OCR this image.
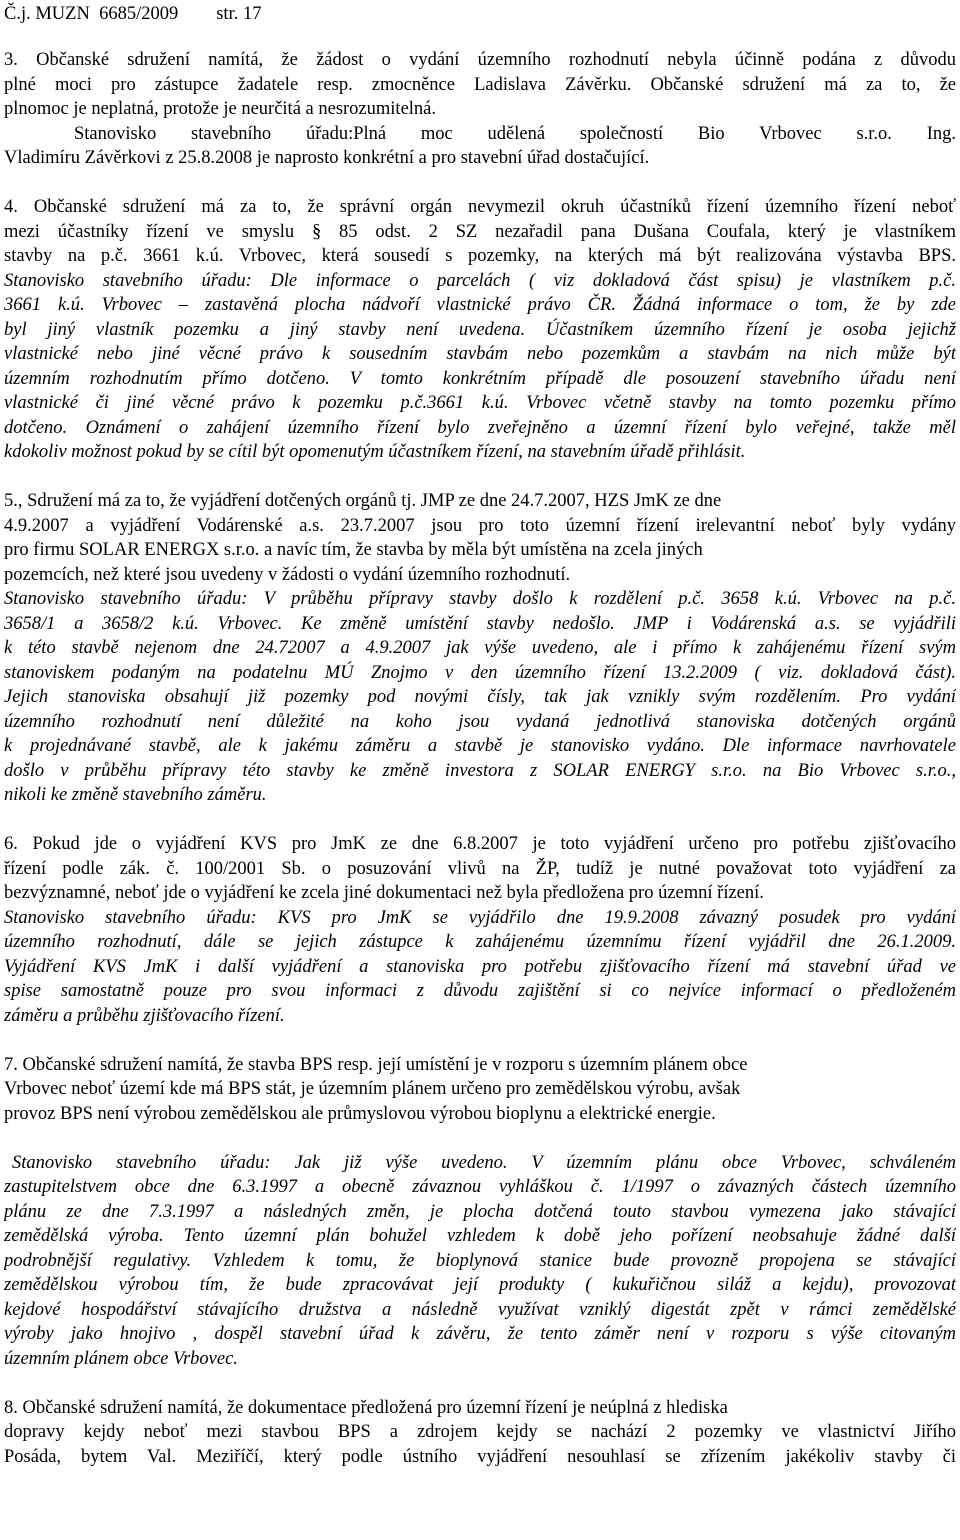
Č.j. MUZN  6685/2009 str. 17
3. Občanské sdružení namítá, že žádost o vydání územního rozhodnutí nebyla účinně podána z důvodu
plné moci pro zástupce žadatele resp. zmocněnce Ladislava Závěrku. Občanské sdružení má za to, že
plnomoc je neplatná, protože je neurčitá a nesrozumitelná.
Stanovisko stavebního úřadu:Plná moc udělená společností Bio Vrbovec s.r.o. Ing.
Vladimíru Závěrkovi z 25.8.2008 je naprosto konkrétní a pro stavební úřad dostačující.
4. Občanské sdružení má za to, že správní orgán nevymezil okruh účastníků řízení územního řízení neboť
mezi účastníky řízení ve smyslu § 85 odst. 2 SZ nezařadil pana Dušana Coufala, který je vlastníkem
stavby na p.č. 3661 k.ú. Vrbovec, která sousedí s pozemky, na kterých má být realizována výstavba BPS.
Stanovisko stavebního úřadu: Dle informace o parcelách ( viz dokladová část spisu) je vlastníkem p.č.
3661 k.ú. Vrbovec – zastavěná plocha nádvoří vlastnické právo ČR. Žádná informace o tom, že by zde
byl jiný vlastník pozemku a jiný stavby není uvedena. Účastníkem územního řízení je osoba jejichž
vlastnické nebo jiné věcné právo k sousedním stavbám nebo pozemkům a stavbám na nich může být
územním rozhodnutím přímo dotčeno. V tomto konkrétním případě dle posouzení stavebního úřadu není
vlastnické či jiné věcné právo k pozemku p.č.3661 k.ú. Vrbovec včetně stavby na tomto pozemku přímo
dotčeno. Oznámení o zahájení územního řízení bylo zveřejněno a územní řízení bylo veřejné, takže měl
kdokoliv možnost pokud by se cítil být opomenutým účastníkem řízení, na stavebním úřadě přihlásit.
5., Sdružení má za to, že vyjádření dotčených orgánů tj. JMP ze dne 24.7.2007, HZS JmK ze dne
4.9.2007 a vyjádření Vodárenské a.s. 23.7.2007 jsou pro toto územní řízení irelevantní neboť byly vydány
pro firmu SOLAR ENERGX s.r.o. a navíc tím, že stavba by měla být umístěna na zcela jiných
pozemcích, než které jsou uvedeny v žádosti o vydání územního rozhodnutí.
Stanovisko stavebního úřadu: V průběhu přípravy stavby došlo k rozdělení p.č. 3658 k.ú. Vrbovec na p.č.
3658/1 a 3658/2 k.ú. Vrbovec. Ke změně umístění stavby nedošlo. JMP i Vodárenská a.s. se vyjádřili
k této stavbě nejenom dne 24.72007 a 4.9.2007 jak výše uvedeno, ale i přímo k zahájenému řízení svým
stanoviskem podaným na podatelnu MÚ Znojmo v den územního řízení 13.2.2009 ( viz. dokladová část).
Jejich stanoviska obsahují již pozemky pod novými čísly, tak jak vznikly svým rozdělením. Pro vydání
územního rozhodnutí není důležité na koho jsou vydaná jednotlivá stanoviska dotčených orgánů
k projednávané stavbě, ale k jakému záměru a stavbě je stanovisko vydáno. Dle informace navrhovatele
došlo v průběhu přípravy této stavby ke změně investora z SOLAR ENERGY s.r.o. na Bio Vrbovec s.r.o.,
nikoli ke změně stavebního záměru.
6. Pokud jde o vyjádření KVS pro JmK ze dne 6.8.2007 je toto vyjádření určeno pro potřebu zjišťovacího
řízení podle zák. č. 100/2001 Sb. o posuzování vlivů na ŽP, tudíž je nutné považovat toto vyjádření za
bezvýznamné, neboť jde o vyjádření ke zcela jiné dokumentaci než byla předložena pro územní řízení.
Stanovisko stavebního úřadu: KVS pro JmK se vyjádřilo dne 19.9.2008 závazný posudek pro vydání
územního rozhodnutí, dále se jejich zástupce k zahájenému územnímu řízení vyjádřil dne 26.1.2009.
Vyjádření KVS JmK i další vyjádření a stanoviska pro potřebu zjišťovacího řízení má stavební úřad ve
spise samostatně pouze pro svou informaci z důvodu zajištění si co nejvíce informací o předloženém
záměru a průběhu zjišťovacího řízení.
7. Občanské sdružení namítá, že stavba BPS resp. její umístění je v rozporu s územním plánem obce
Vrbovec neboť území kde má BPS stát, je územním plánem určeno pro zemědělskou výrobu, avšak
provoz BPS není výrobou zemědělskou ale průmyslovou výrobou bioplynu a elektrické energie.
Stanovisko stavebního úřadu: Jak již výše uvedeno. V územním plánu obce Vrbovec, schváleném
zastupitelstvem obce dne 6.3.1997 a obecně závaznou vyhláškou č. 1/1997 o závazných částech územního
plánu ze dne 7.3.1997 a následných změn, je plocha dotčená touto stavbou vymezena jako stávající
zemědělská výroba. Tento územní plán bohužel vzhledem k době jeho pořízení neobsahuje žádné další
podrobnější regulativy. Vzhledem k tomu, že bioplynová stanice bude provozně propojena se stávající
zemědělskou výrobou tím, že bude zpracovávat její produkty ( kukuřičnou siláž a kejdu), provozovat
kejdové hospodářství stávajícího družstva a následně využívat vzniklý digestát zpět v rámci zemědělské
výroby jako hnojivo , dospěl stavební úřad k závěru, že tento záměr není v rozporu s výše citovaným
územním plánem obce Vrbovec.
8. Občanské sdružení namítá, že dokumentace předložená pro územní řízení je neúplná z hlediska
dopravy kejdy neboť mezi stavbou BPS a zdrojem kejdy se nachází 2 pozemky ve vlastnictví Jiřího
Posáda, bytem Val. Meziříčí, který podle ústního vyjádření nesouhlasí se zřízením jakékoliv stavby či
